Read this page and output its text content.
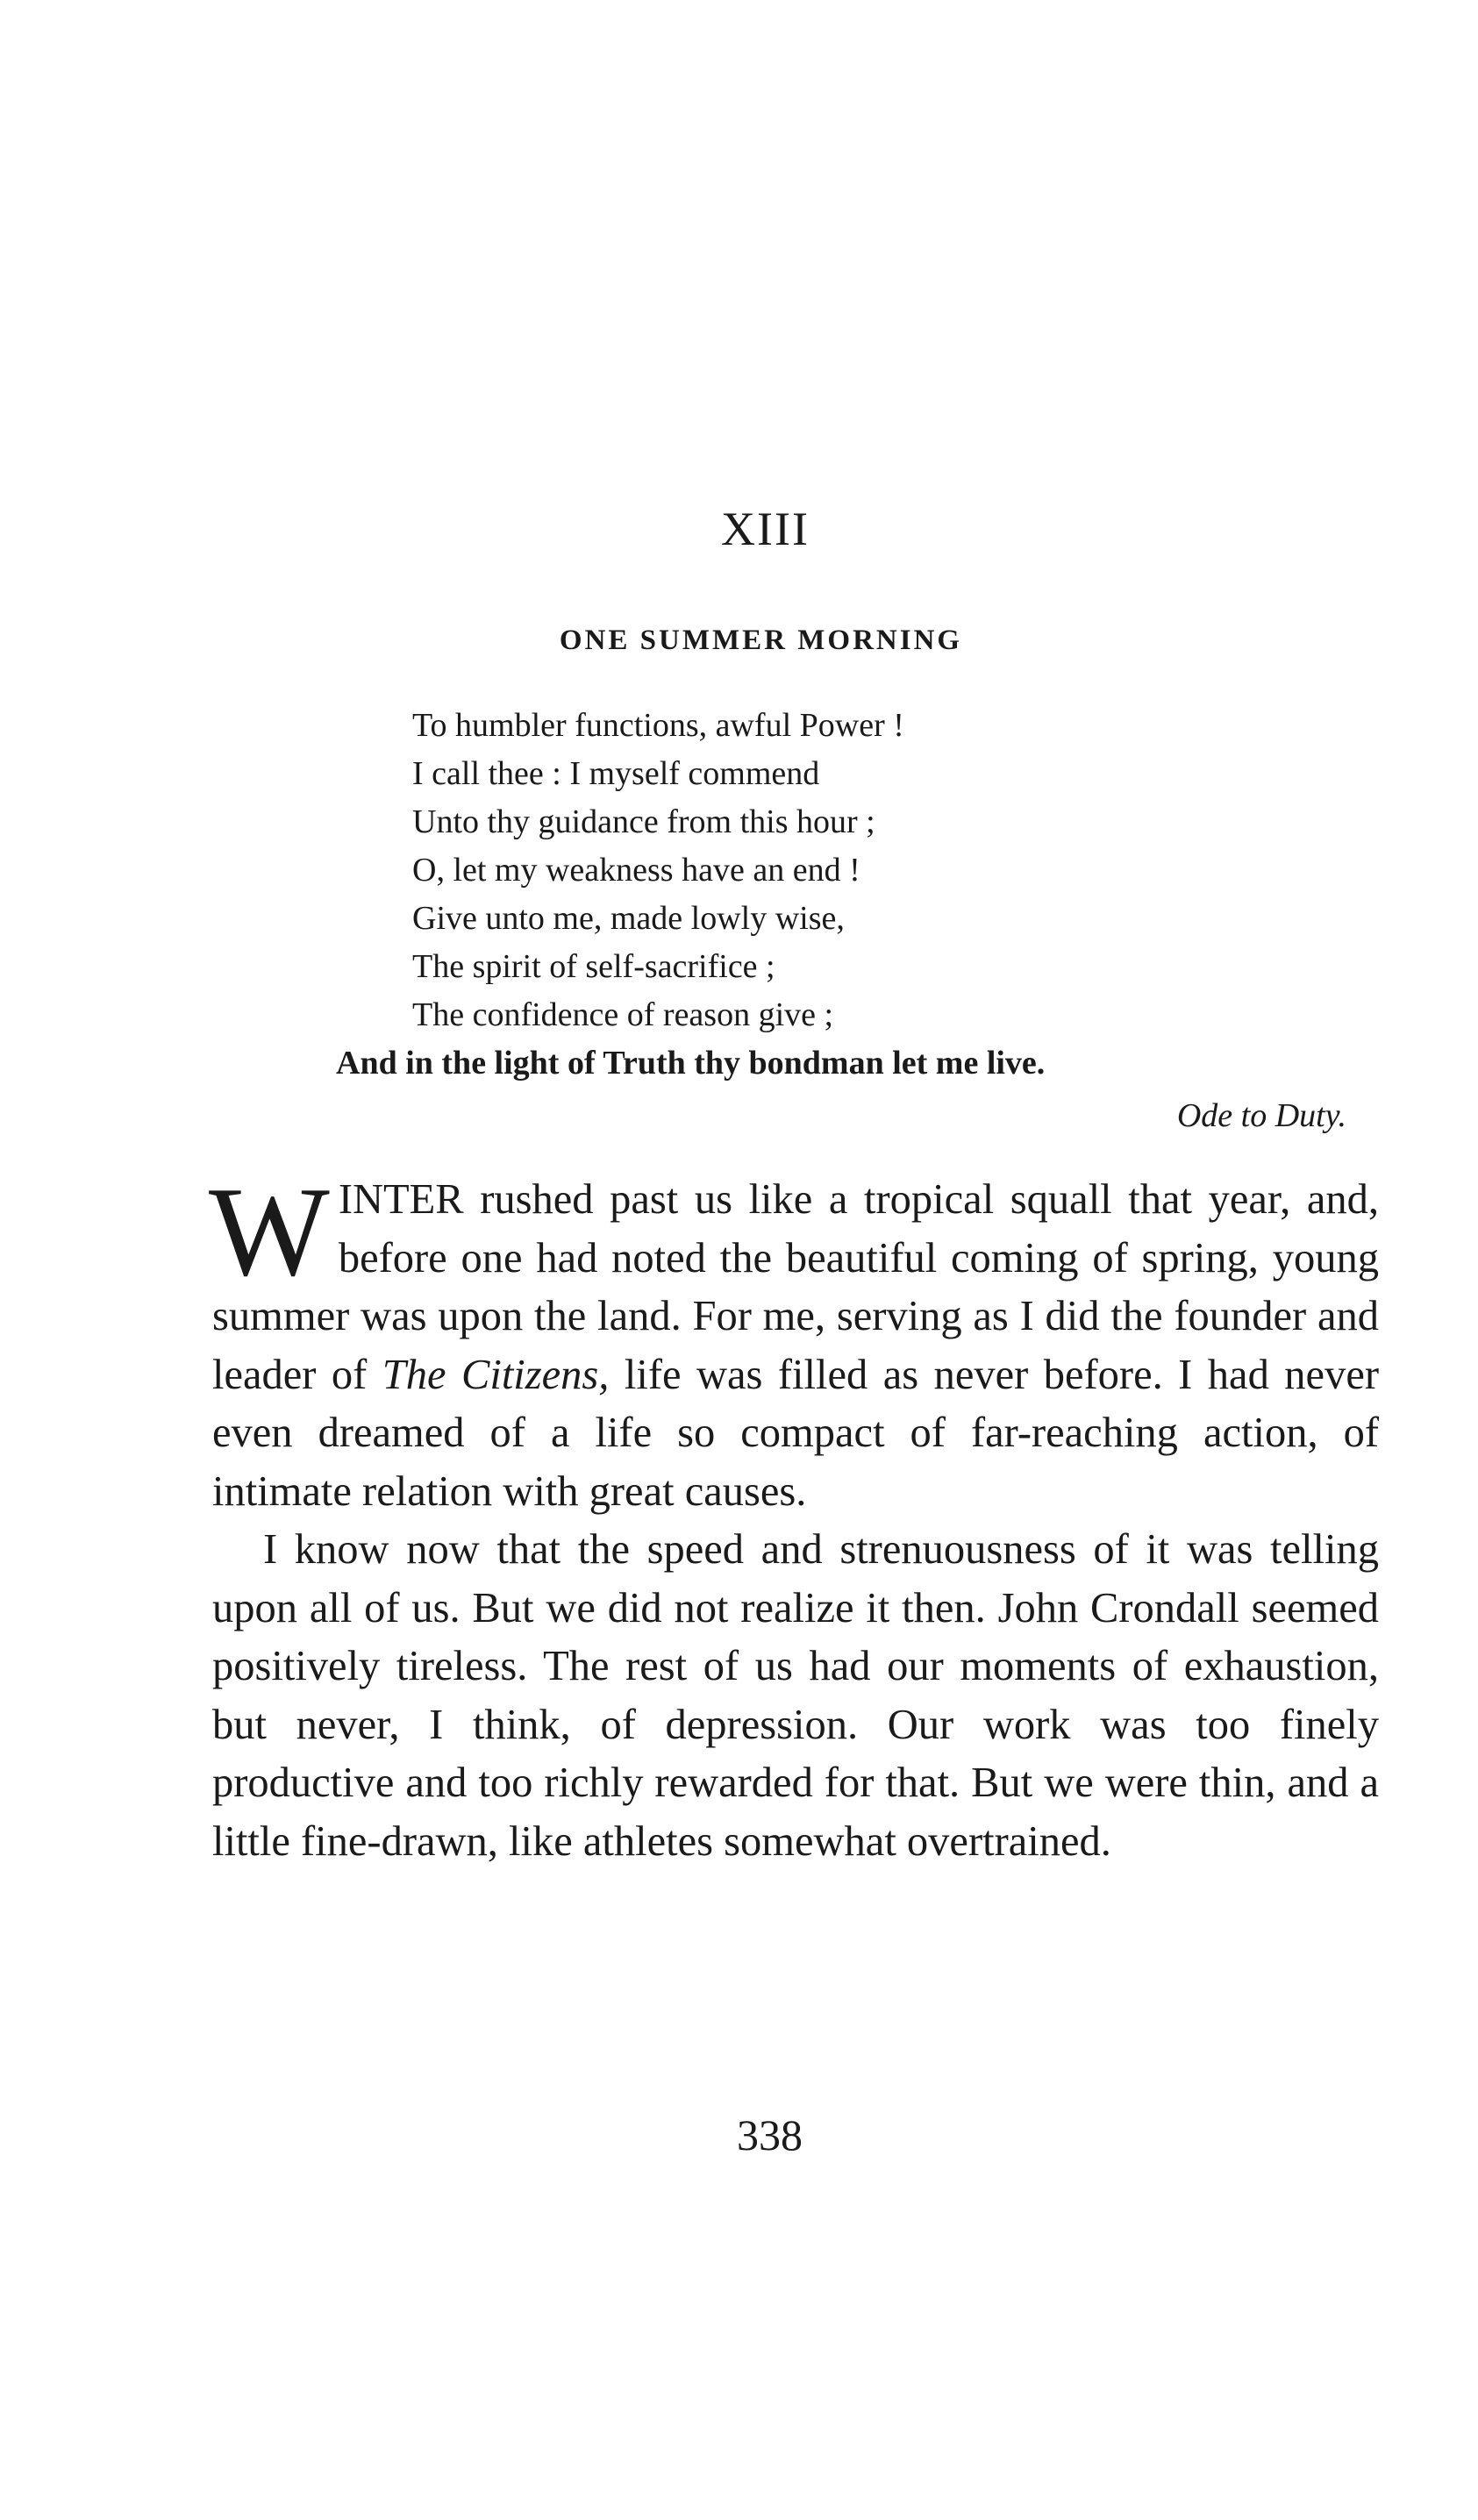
XIII
ONE SUMMER MORNING
To humbler functions, awful Power !
I call thee : I myself commend
Unto thy guidance from this hour ;
O, let my weakness have an end !
Give unto me, made lowly wise,
The spirit of self-sacrifice ;
The confidence of reason give ;
And in the light of Truth thy bondman let me live.
Ode to Duty.

WINTER rushed past us like a tropical squall that year, and, before one had noted the beautiful coming of spring, young summer was upon the land. For me, serving as I did the founder and leader of The Citizens, life was filled as never before. I had never even dreamed of a life so compact of far-reaching action, of intimate relation with great causes.

I know now that the speed and strenuousness of it was telling upon all of us. But we did not realize it then. John Crondall seemed positively tireless. The rest of us had our moments of exhaustion, but never, I think, of depression. Our work was too finely productive and too richly rewarded for that. But we were thin, and a little fine-drawn, like athletes somewhat overtrained.

338
